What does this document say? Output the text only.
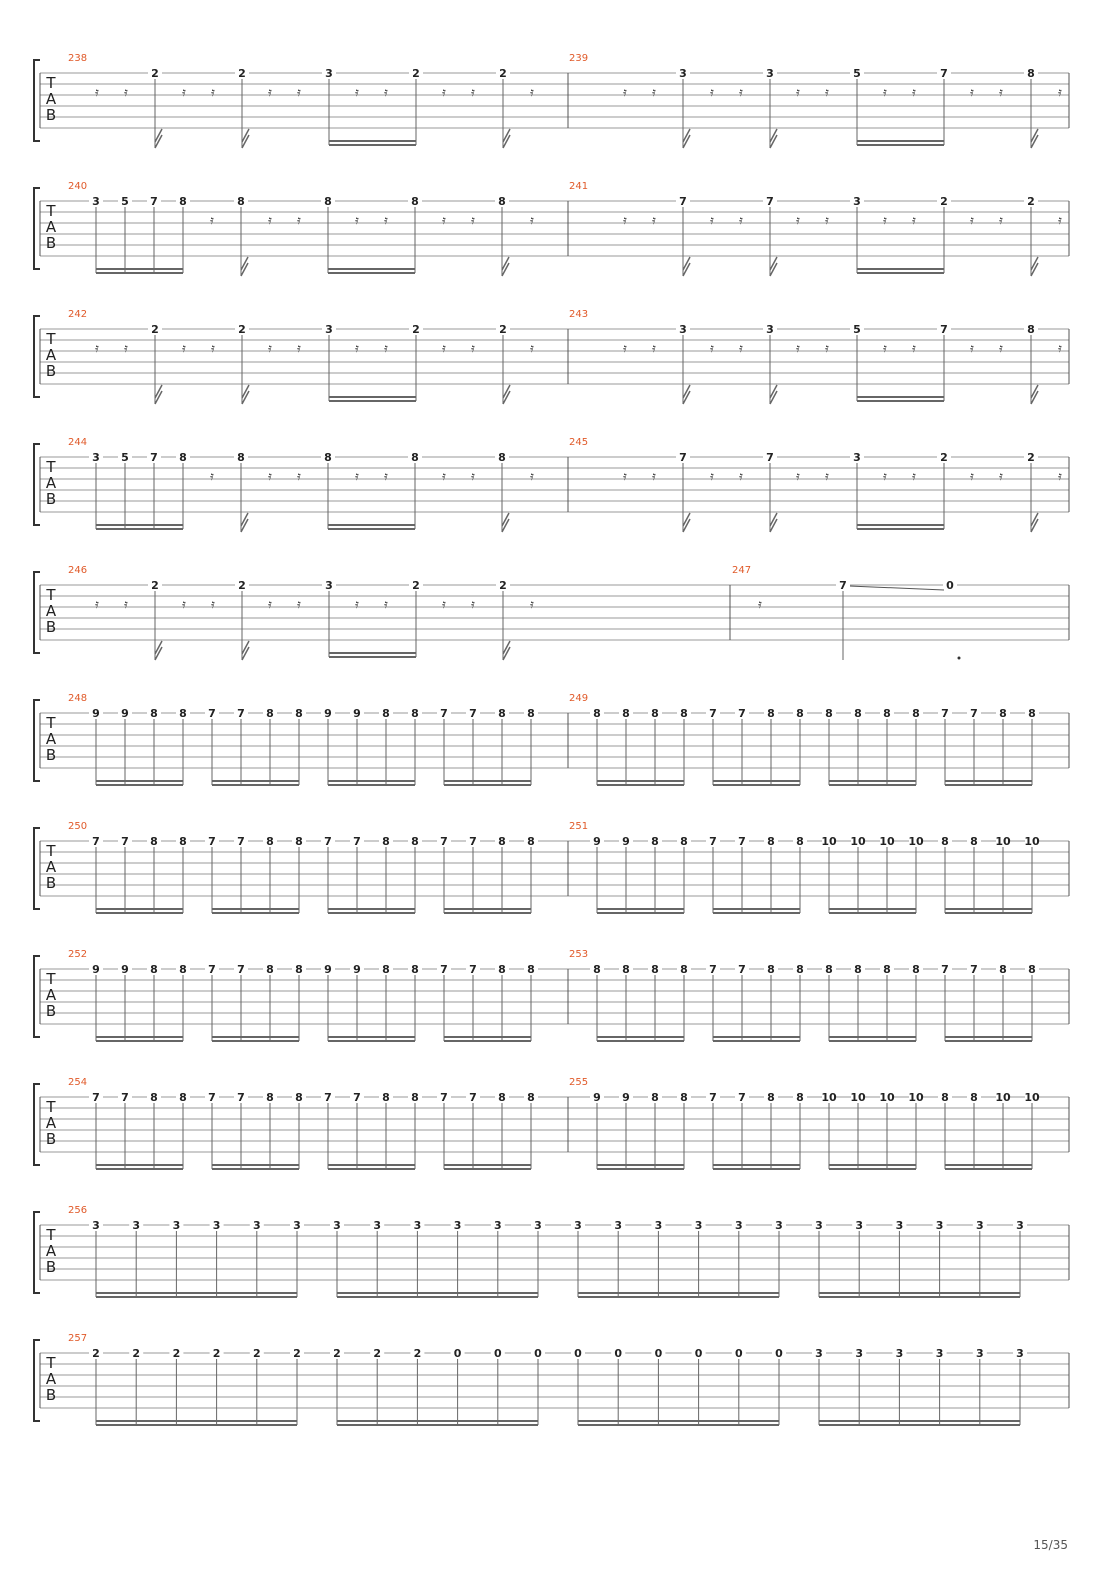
T
A
B
238
𝄿 𝄿	𝄿 𝄿	𝄿 𝄿	𝄿 𝄿	𝄿 𝄿	𝄿
2	2	3	2	2
239
𝄿 𝄿	𝄿 𝄿	𝄿 𝄿	𝄿 𝄿	𝄿 𝄿	𝄿
3	3	5	7	8
T
A
B
240
3 5 7 8	8	8	8	8
𝄿	𝄿 𝄿	𝄿 𝄿	𝄿 𝄿	𝄿
241
𝄿 𝄿	𝄿 𝄿	𝄿 𝄿	𝄿 𝄿	𝄿 𝄿	𝄿
7	7	3	2	2
T
A
B
242
𝄿 𝄿	𝄿 𝄿	𝄿 𝄿	𝄿 𝄿	𝄿 𝄿	𝄿
2	2	3	2	2
243
𝄿 𝄿	𝄿 𝄿	𝄿 𝄿	𝄿 𝄿	𝄿 𝄿	𝄿
3	3	5	7	8
T
A
B
244
3 5 7 8	8	8	8	8
𝄿	𝄿 𝄿	𝄿 𝄿	𝄿 𝄿	𝄿
245
𝄿 𝄿	𝄿 𝄿	𝄿 𝄿	𝄿 𝄿	𝄿 𝄿	𝄿
7	7	3	2	2
T
A
B
246
𝄿 𝄿	𝄿 𝄿	𝄿 𝄿	𝄿 𝄿	𝄿 𝄿	𝄿
2	2	3	2	2
247
𝄿
7	0
T
A
B
248
9 9 8 8 7 7 8 8 9 9 8 8 7 7 8 8
249
8 8 8 8 7 7 8 8 8 8 8 8 7 7 8 8
T
A
B
250
7 7 8 8 7 7 8 8 7 7 8 8 7 7 8 8
251
9 9 8 8 7 7 8 8 10 10 10 10 8 8 10 10
T
A
B
252
9 9 8 8 7 7 8 8 9 9 8 8 7 7 8 8
253
8 8 8 8 7 7 8 8 8 8 8 8 7 7 8 8
T
A
B
254
7 7 8 8 7 7 8 8 7 7 8 8 7 7 8 8
255
9 9 8 8 7 7 8 8 10 10 10 10 8 8 10 10
T
A
B
256
3	3	3	3	3	3	3	3	3	3	3	3	3	3	3	3	3	3	3	3	3	3	3	3
T
A
B
257
2	2	2	2	2	2	2	2	2	0	0	0	0	0	0	0	0	0	3	3	3	3	3	3
15/35
